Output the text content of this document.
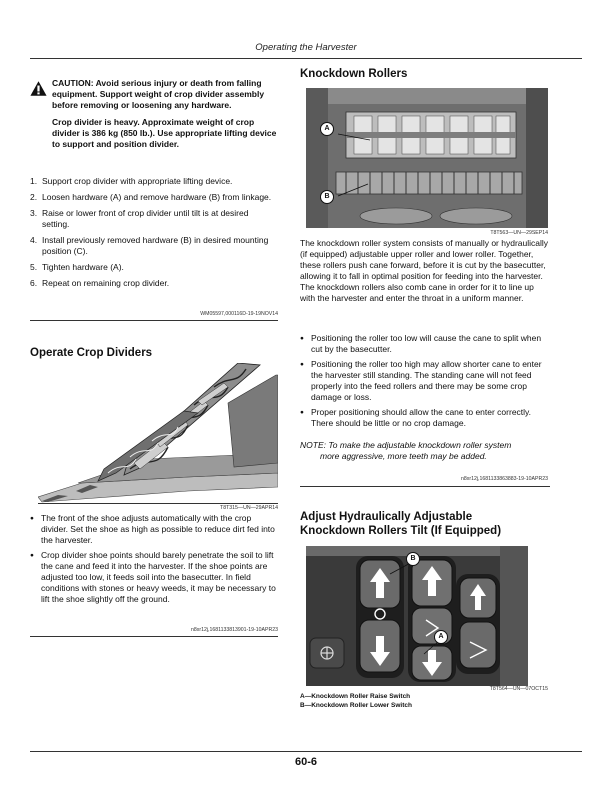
Operating the Harvester

CAUTION: Avoid serious injury or death from falling equipment. Support weight of crop divider assembly before removing or loosening any hardware.

Crop divider is heavy. Approximate weight of crop divider is 386 kg (850 lb.). Use appropriate lifting device to support and position divider.

1. Support crop divider with appropriate lifting device.
2. Loosen hardware (A) and remove hardware (B) from linkage.
3. Raise or lower front of crop divider until tilt is at desired setting.
4. Install previously removed hardware (B) in desired mounting position (C).
5. Tighten hardware (A).
6. Repeat on remaining crop divider.
WM05597,000116D-19-19NOV14
Operate Crop Dividers
T8T315—UN—29APR14
● The front of the shoe adjusts automatically with the crop divider. Set the shoe as high as possible to reduce dirt fed into the harvester.
● Crop divider shoe points should barely penetrate the soil to lift the cane and feed it into the harvester. If the shoe points are adjusted too low, it feeds soil into the basecutter. In field conditions with stones or heavy weeds, it may be necessary to lift the shoe slightly off the ground.
n8xr12j,1681133813901-19-10APR23
Knockdown Rollers
A
B
T8T563—UN—29SEP14
The knockdown roller system consists of manually or hydraulically (if equipped) adjustable upper roller and lower roller. Together, these rollers push cane forward, before it is cut by the basecutter, allowing it to fall in optimal position for feeding into the harvester. The knockdown rollers also comb cane in order for it to line up with the harvester and enter the throat in a uniform manner.
● Positioning the roller too low will cause the cane to split when cut by the basecutter.
● Positioning the roller too high may allow shorter cane to enter the harvester still standing. The standing cane will not feed properly into the feed rollers and there may be some crop damage or loss.
● Proper positioning should allow the cane to enter correctly. There should be little or no crop damage.
NOTE: To make the adjustable knockdown roller system
more aggressive, more teeth may be added.
n8xr12j,1681133863883-19-10APR23
Adjust Hydraulically Adjustable
Knockdown Rollers Tilt (If Equipped)
B
A
T8T564—UN—07OCT15
A—Knockdown Roller Raise Switch
B—Knockdown Roller Lower Switch
60-6
